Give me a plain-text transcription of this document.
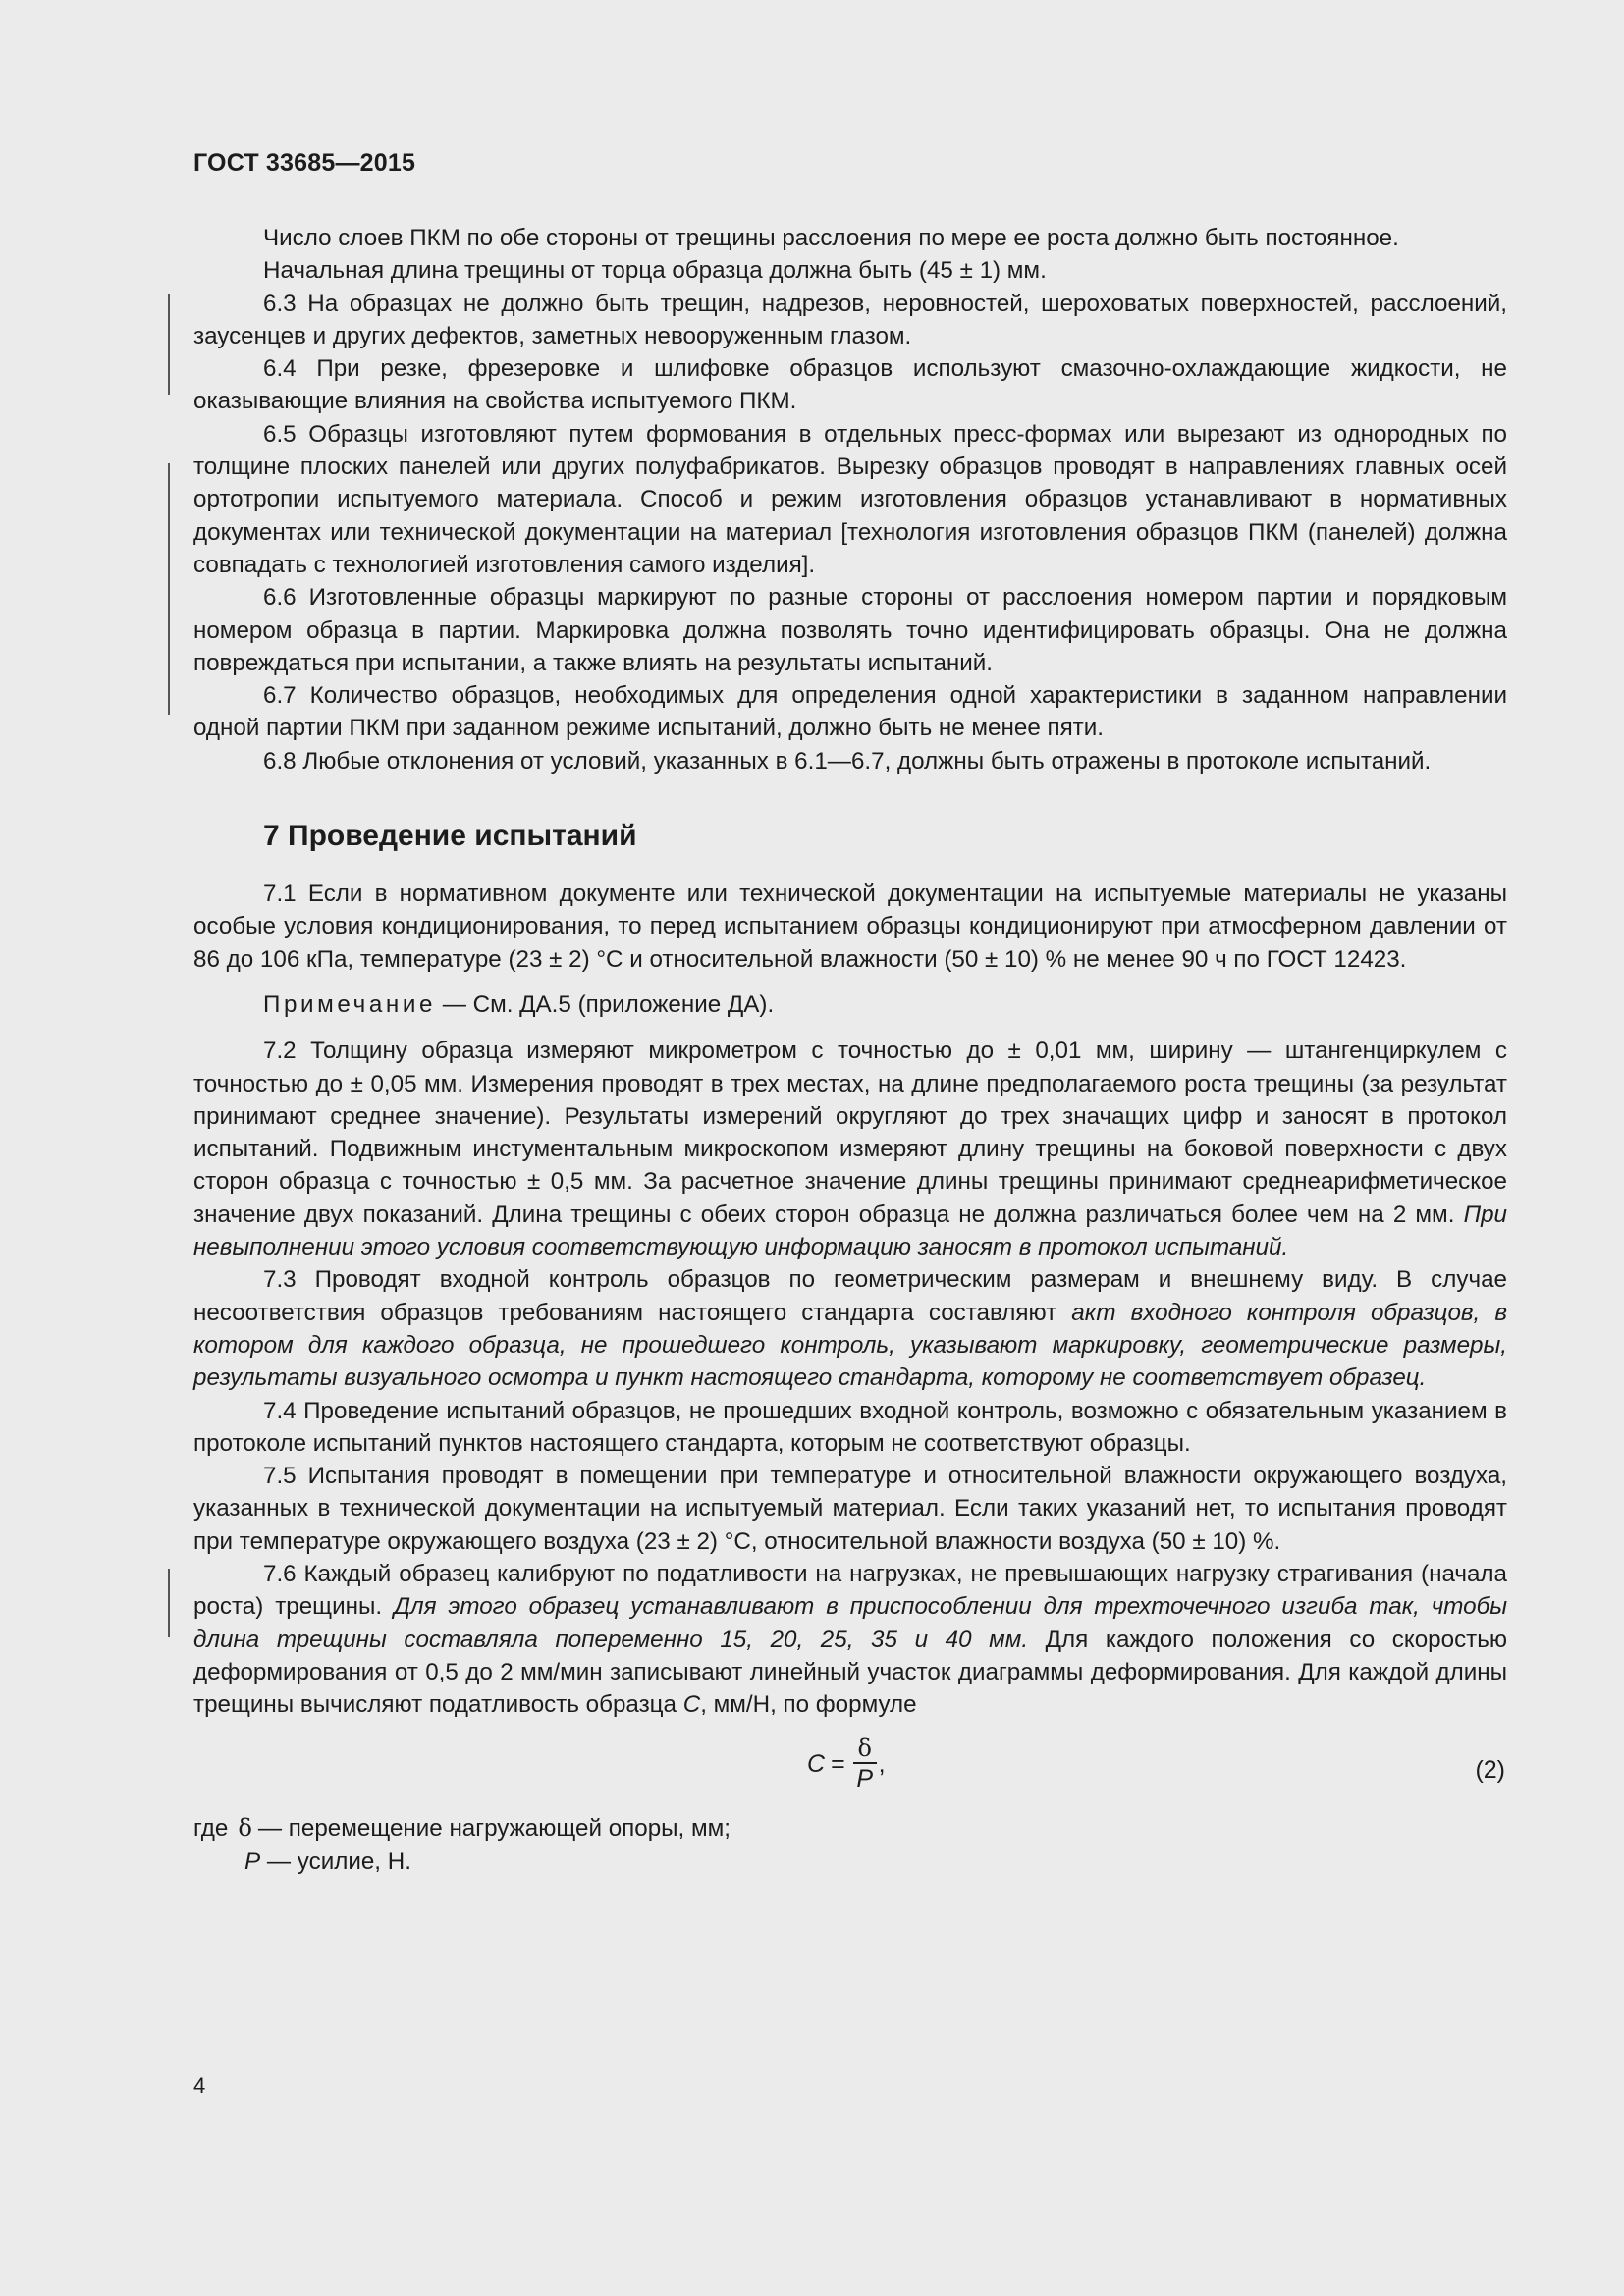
ГОСТ 33685—2015

Число слоев ПКМ по обе стороны от трещины расслоения по мере ее роста должно быть постоянное.

Начальная длина трещины от торца образца должна быть (45 ± 1) мм.

6.3 На образцах не должно быть трещин, надрезов, неровностей, шероховатых поверхностей, расслоений, заусенцев и других дефектов, заметных невооруженным глазом.

6.4 При резке, фрезеровке и шлифовке образцов используют смазочно-охлаждающие жидкости, не оказывающие влияния на свойства испытуемого ПКМ.

6.5 Образцы изготовляют путем формования в отдельных пресс-формах или вырезают из однородных по толщине плоских панелей или других полуфабрикатов. Вырезку образцов проводят в направлениях главных осей ортотропии испытуемого материала. Способ и режим изготовления образцов устанавливают в нормативных документах или технической документации на материал [технология изготовления образцов ПКМ (панелей) должна совпадать с технологией изготовления самого изделия].

6.6 Изготовленные образцы маркируют по разные стороны от расслоения номером партии и порядковым номером образца в партии. Маркировка должна позволять точно идентифицировать образцы. Она не должна повреждаться при испытании, а также влиять на результаты испытаний.

6.7 Количество образцов, необходимых для определения одной характеристики в заданном направлении одной партии ПКМ при заданном режиме испытаний, должно быть не менее пяти.

6.8 Любые отклонения от условий, указанных в 6.1—6.7, должны быть отражены в протоколе испытаний.

7 Проведение испытаний

7.1 Если в нормативном документе или технической документации на испытуемые материалы не указаны особые условия кондиционирования, то перед испытанием образцы кондиционируют при атмосферном давлении от 86 до 106 кПа, температуре (23 ± 2) °С и относительной влажности (50 ± 10) % не менее 90 ч по ГОСТ 12423.

Примечание — См. ДА.5 (приложение ДА).

7.2 Толщину образца измеряют микрометром с точностью до ± 0,01 мм, ширину — штангенциркулем с точностью до ± 0,05 мм. Измерения проводят в трех местах, на длине предполагаемого роста трещины (за результат принимают среднее значение). Результаты измерений округляют до трех значащих цифр и заносят в протокол испытаний. Подвижным инстументальным микроскопом измеряют длину трещины на боковой поверхности с двух сторон образца с точностью ± 0,5 мм. За расчетное значение длины трещины принимают среднеарифметическое значение двух показаний. Длина трещины с обеих сторон образца не должна различаться более чем на 2 мм. При невыполнении этого условия соответствующую информацию заносят в протокол испытаний.

7.3 Проводят входной контроль образцов по геометрическим размерам и внешнему виду. В случае несоответствия образцов требованиям настоящего стандарта составляют акт входного контроля образцов, в котором для каждого образца, не прошедшего контроль, указывают маркировку, геометрические размеры, результаты визуального осмотра и пункт настоящего стандарта, которому не соответствует образец.

7.4 Проведение испытаний образцов, не прошедших входной контроль, возможно с обязательным указанием в протоколе испытаний пунктов настоящего стандарта, которым не соответствуют образцы.

7.5 Испытания проводят в помещении при температуре и относительной влажности окружающего воздуха, указанных в технической документации на испытуемый материал. Если таких указаний нет, то испытания проводят при температуре окружающего воздуха (23 ± 2) °С, относительной влажности воздуха (50 ± 10) %.

7.6 Каждый образец калибруют по податливости на нагрузках, не превышающих нагрузку страгивания (начала роста) трещины. Для этого образец устанавливают в приспособлении для трехточечного изгиба так, чтобы длина трещины составляла попеременно 15, 20, 25, 35 и 40 мм. Для каждого положения со скоростью деформирования от 0,5 до 2 мм/мин записывают линейный участок диаграммы деформирования. Для каждой длины трещины вычисляют податливость образца С, мм/Н, по формуле

$C = \frac{\delta}{P}$ ,	(2)
где δ — перемещение нагружающей опоры, мм;
P — усилие, Н.
4
